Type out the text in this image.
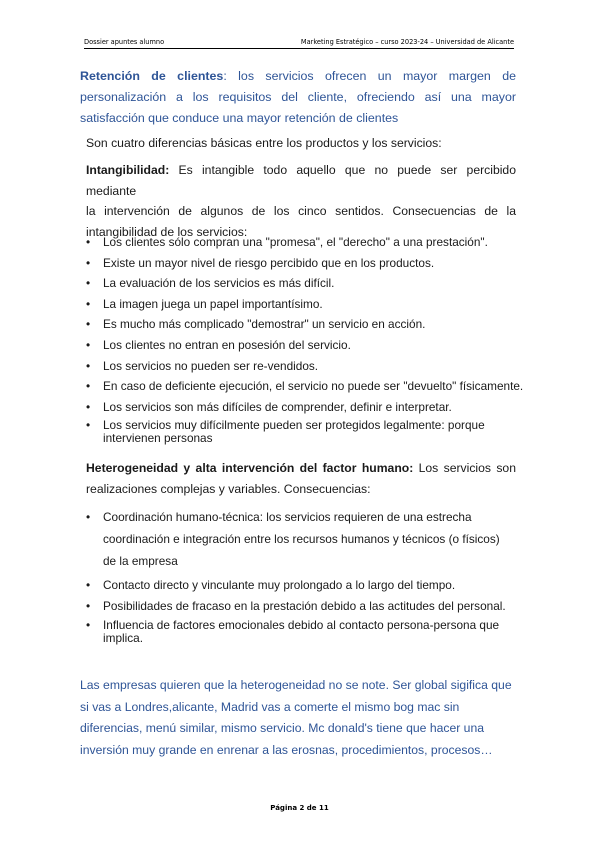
Dossier apuntes alumno	Marketing Estratégico – curso 2023-24 – Universidad de Alicante

Retención de clientes: los servicios ofrecen un mayor margen de

personalización a los requisitos del cliente, ofreciendo así una mayor

satisfacción que conduce una mayor retención de clientes

Son cuatro diferencias básicas entre los productos y los servicios:

Intangibilidad: Es intangible todo aquello que no puede ser percibido mediante

la intervención de algunos de los cinco sentidos. Consecuencias de la

intangibilidad de los servicios:

• Los clientes sólo compran una "promesa", el "derecho" a una prestación".
• Existe un mayor nivel de riesgo percibido que en los productos.
• La evaluación de los servicios es más difícil.
• La imagen juega un papel importantísimo.
• Es mucho más complicado "demostrar" un servicio en acción.
• Los clientes no entran en posesión del servicio.
• Los servicios no pueden ser re-vendidos.
• En caso de deficiente ejecución, el servicio no puede ser "devuelto" físicamente.
• Los servicios son más difíciles de comprender, definir e interpretar.
• Los servicios muy difícilmente pueden ser protegidos legalmente: porque
intervienen personas

Heterogeneidad y alta intervención del factor humano: Los servicios son

realizaciones complejas y variables. Consecuencias:

• Coordinación humano-técnica: los servicios requieren de una estrecha
coordinación e integración entre los recursos humanos y técnicos (o físicos)
de la empresa
• Contacto directo y vinculante muy prolongado a lo largo del tiempo.
• Posibilidades de fracaso en la prestación debido a las actitudes del personal.
• Influencia de factores emocionales debido al contacto persona-persona que
implica.

Las empresas quieren que la heterogeneidad no se note. Ser global sigifica que

si vas a Londres,alicante, Madrid vas a comerte el mismo bog mac sin

diferencias, menú similar, mismo servicio. Mc donald's tiene que hacer una

inversión muy grande en enrenar a las erosnas, procedimientos, procesos…

Página 2 de 11
